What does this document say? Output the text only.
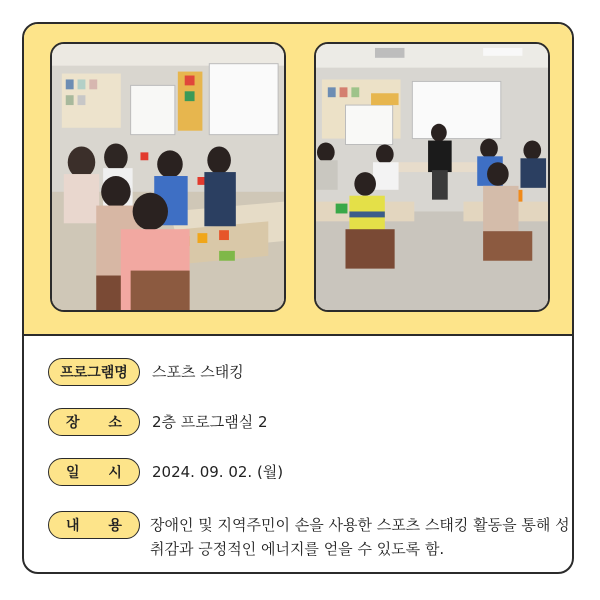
프로그램명	스포츠 스태킹
장 소	2층 프로그램실 2
일 시	2024. 09. 02. (월)
내 용	장애인 및 지역주민이 손을 사용한 스포츠 스태킹 활동을 통해 성취감과 긍정적인 에너지를 얻을 수 있도록 함.
